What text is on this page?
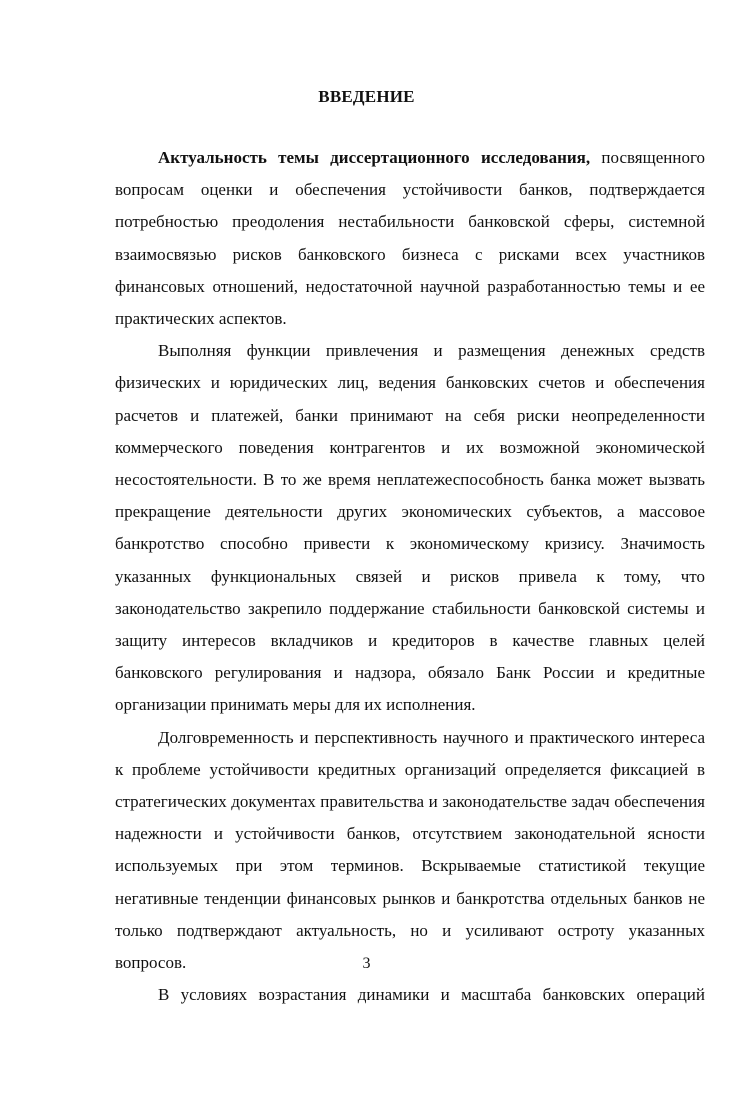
ВВЕДЕНИЕ

Актуальность темы диссертационного исследования, посвященного вопросам оценки и обеспечения устойчивости банков, подтверждается потребностью преодоления нестабильности банковской сферы, системной взаимосвязью рисков банковского бизнеса с рисками всех участников финансовых отношений, недостаточной научной разработанностью темы и ее практических аспектов.

Выполняя функции привлечения и размещения денежных средств физических и юридических лиц, ведения банковских счетов и обеспечения расчетов и платежей, банки принимают на себя риски неопределенности коммерческого поведения контрагентов и их возможной экономической несостоятельности. В то же время неплатежеспособность банка может вызвать прекращение деятельности других экономических субъектов, а массовое банкротство способно привести к экономическому кризису. Значимость указанных функциональных связей и рисков привела к тому, что законодательство закрепило поддержание стабильности банковской системы и защиту интересов вкладчиков и кредиторов в качестве главных целей банковского регулирования и надзора, обязало Банк России и кредитные организации принимать меры для их исполнения.

Долговременность и перспективность научного и практического интереса к проблеме устойчивости кредитных организаций определяется фиксацией в стратегических документах правительства и законодательстве задач обеспечения надежности и устойчивости банков, отсутствием законодательной ясности используемых при этом терминов. Вскрываемые статистикой текущие негативные тенденции финансовых рынков и банкротства отдельных банков не только подтверждают актуальность, но и усиливают остроту указанных вопросов.

В условиях возрастания динамики и масштаба банковских операций

3
